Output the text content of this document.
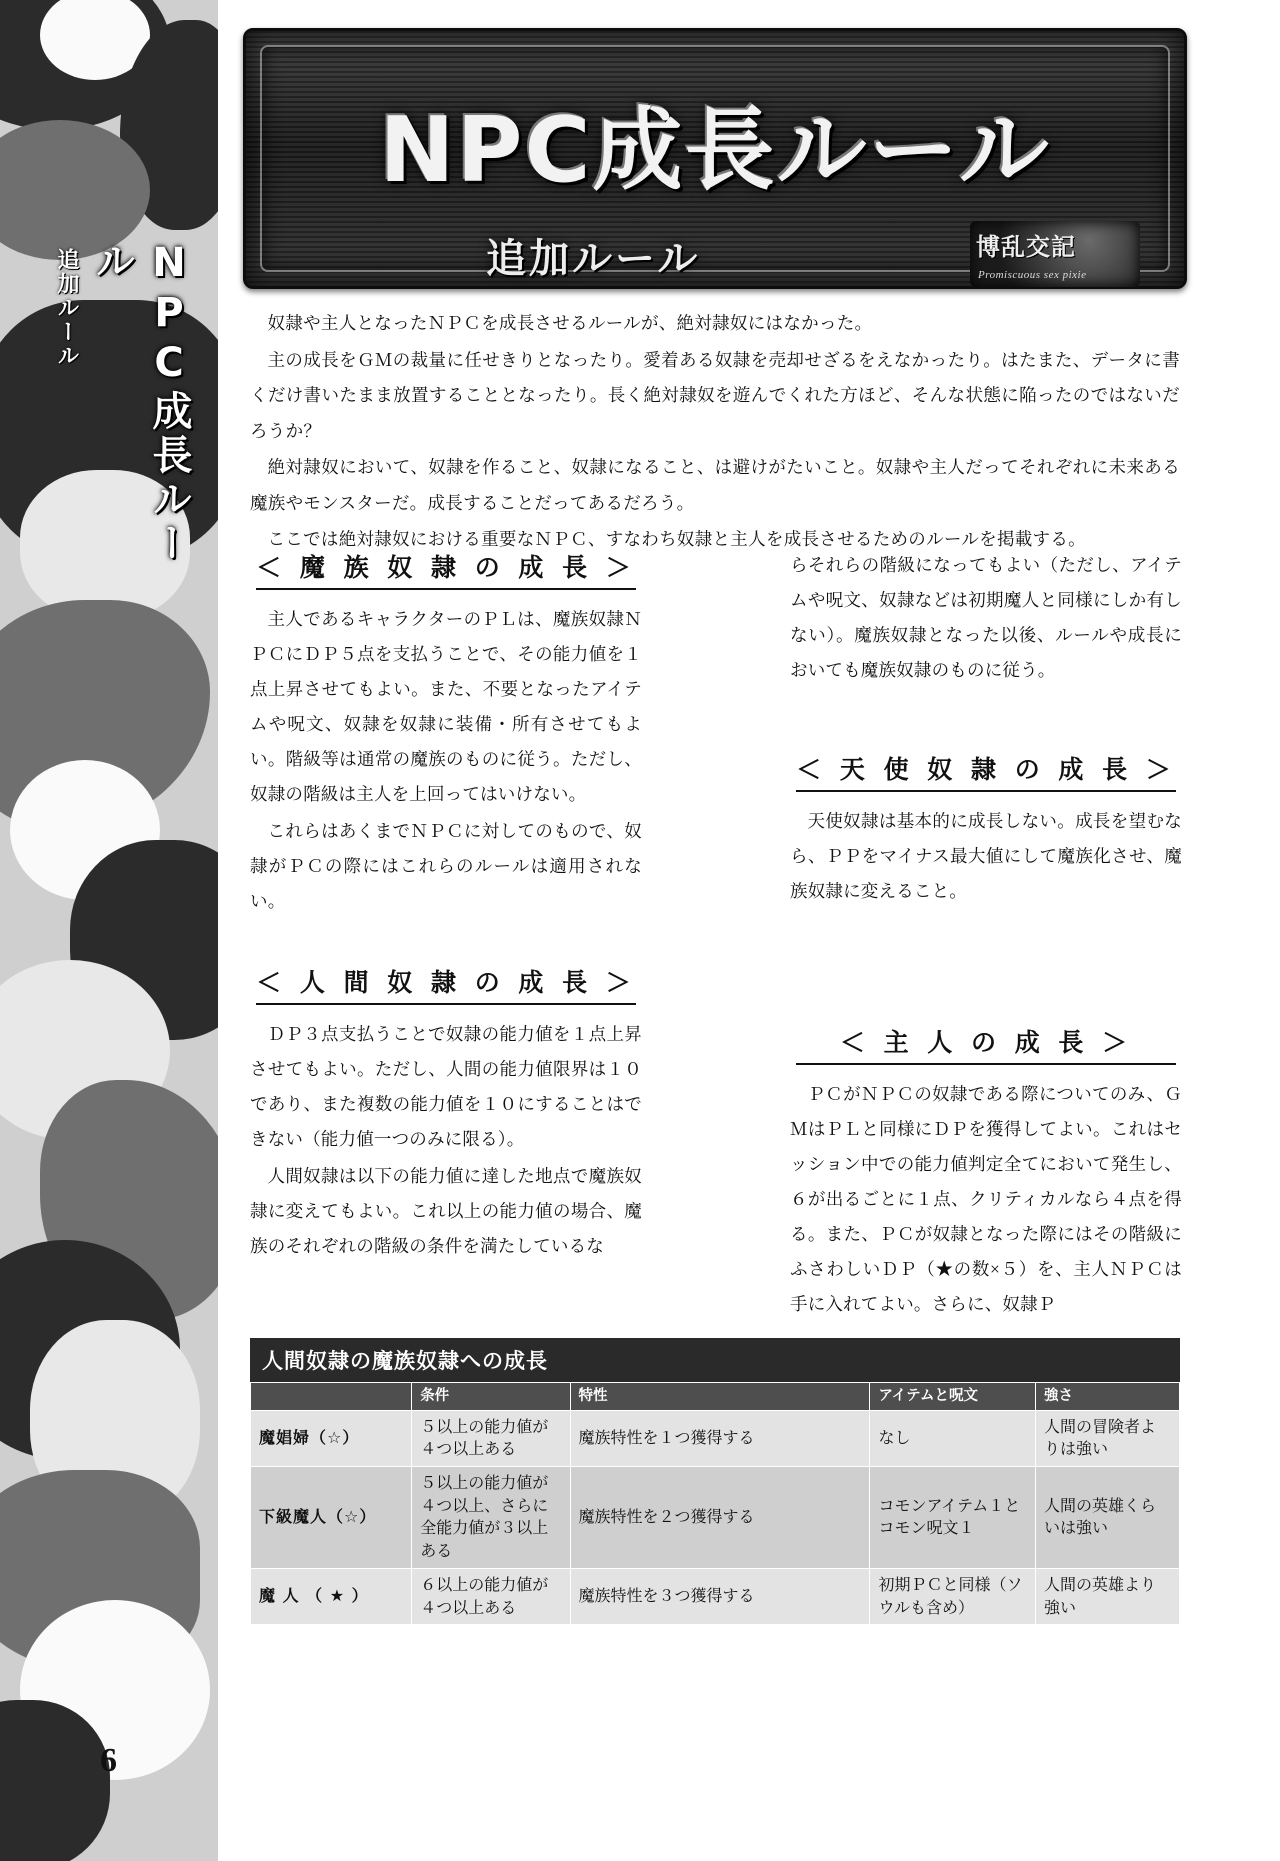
NPC成長ルール
追加ルール
6
NPC成長ルール
追加ルール	博乱交記
Promiscuous sex pixie

奴隷や主人となったＮＰＣを成長させるルールが、絶対隷奴にはなかった。

主の成長をＧＭの裁量に任せきりとなったり。愛着ある奴隷を売却せざるをえなかったり。はたまた、データに書くだけ書いたまま放置することとなったり。長く絶対隷奴を遊んでくれた方ほど、そんな状態に陥ったのではないだろうか？

絶対隷奴において、奴隷を作ること、奴隷になること、は避けがたいこと。奴隷や主人だってそれぞれに未来ある魔族やモンスターだ。成長することだってあるだろう。

ここでは絶対隷奴における重要なＮＰＣ、すなわち奴隷と主人を成長させるためのルールを掲載する。

＜ 魔 族 奴 隷 の 成 長 ＞

主人であるキャラクターのＰＬは、魔族奴隷ＮＰＣにＤＰ５点を支払うことで、その能力値を１点上昇させてもよい。また、不要となったアイテムや呪文、奴隷を奴隷に装備・所有させてもよい。階級等は通常の魔族のものに従う。ただし、奴隷の階級は主人を上回ってはいけない。

これらはあくまでＮＰＣに対してのもので、奴隷がＰＣの際にはこれらのルールは適用されない。

＜ 人 間 奴 隷 の 成 長 ＞

ＤＰ３点支払うことで奴隷の能力値を１点上昇させてもよい。ただし、人間の能力値限界は１０であり、また複数の能力値を１０にすることはできない（能力値一つのみに限る）。

人間奴隷は以下の能力値に達した地点で魔族奴隷に変えてもよい。これ以上の能力値の場合、魔族のそれぞれの階級の条件を満たしているな

らそれらの階級になってもよい（ただし、アイテムや呪文、奴隷などは初期魔人と同様にしか有しない）。魔族奴隷となった以後、ルールや成長においても魔族奴隷のものに従う。

＜ 天 使 奴 隷 の 成 長 ＞

天使奴隷は基本的に成長しない。成長を望むなら、ＰＰをマイナス最大値にして魔族化させ、魔族奴隷に変えること。

＜ 主 人 の 成 長 ＞

ＰＣがＮＰＣの奴隷である際についてのみ、ＧＭはＰＬと同様にＤＰを獲得してよい。これはセッション中での能力値判定全てにおいて発生し、６が出るごとに１点、クリティカルなら４点を得る。また、ＰＣが奴隷となった際にはその階級にふさわしいＤＰ（★の数×５）を、主人ＮＰＣは手に入れてよい。さらに、奴隷Ｐ

人間奴隷の魔族奴隷への成長
	条件	特性	アイテムと呪文	強さ
魔娼婦（☆）	５以上の能力値が４つ以上ある	魔族特性を１つ獲得する	なし	人間の冒険者よりは強い
下級魔人（☆）	５以上の能力値が４つ以上、さらに全能力値が３以上ある	魔族特性を２つ獲得する	コモンアイテム１とコモン呪文１	人間の英雄くらいは強い
魔 人 （ ★ ）	６以上の能力値が４つ以上ある	魔族特性を３つ獲得する	初期ＰＣと同様（ソウルも含め）	人間の英雄より強い
